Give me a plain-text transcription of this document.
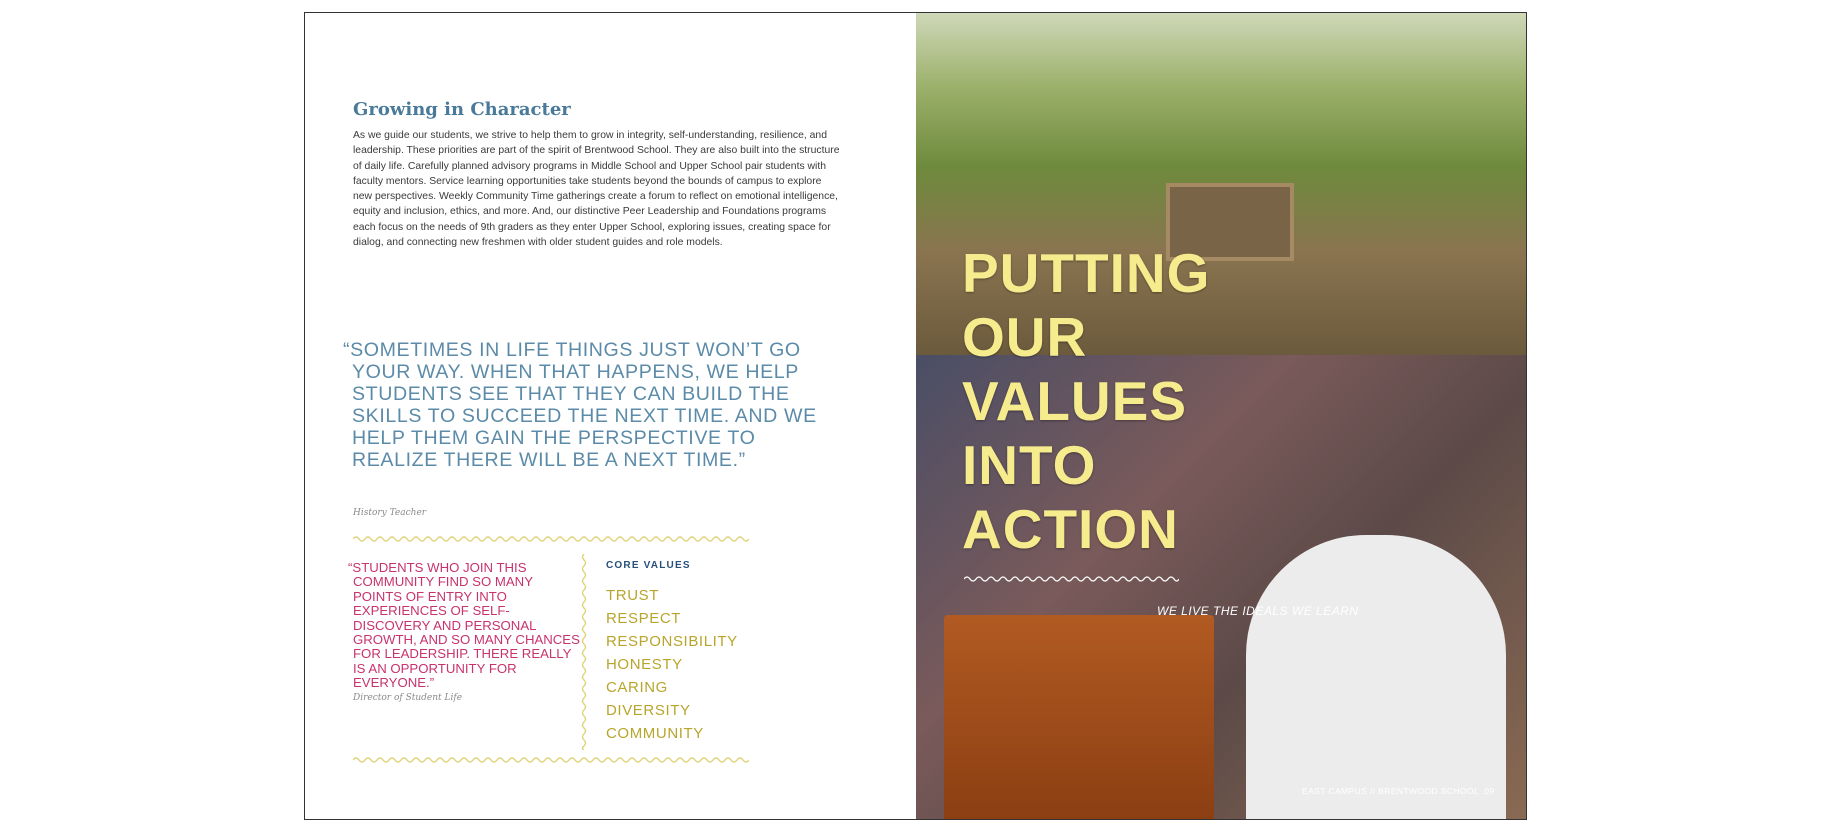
Growing in Character

As we guide our students, we strive to help them to grow in integrity, self-understanding, resilience, and leadership. These priorities are part of the spirit of Brentwood School. They are also built into the structure of daily life. Carefully planned advisory programs in Middle School and Upper School pair students with faculty mentors. Service learning opportunities take students beyond the bounds of campus to explore new perspectives. Weekly Community Time gatherings create a forum to reflect on emotional intelligence, equity and inclusion, ethics, and more. And, our distinctive Peer Leadership and Foundations programs each focus on the needs of 9th graders as they enter Upper School, exploring issues, creating space for dialog, and connecting new freshmen with older student guides and role models.

“SOMETIMES IN LIFE THINGS JUST WON’T GO YOUR WAY. WHEN THAT HAPPENS, WE HELP STUDENTS SEE THAT THEY CAN BUILD THE SKILLS TO SUCCEED THE NEXT TIME. AND WE HELP THEM GAIN THE PERSPECTIVE TO REALIZE THERE WILL BE A NEXT TIME.”

History Teacher

“STUDENTS WHO JOIN THIS COMMUNITY FIND SO MANY POINTS OF ENTRY INTO EXPERIENCES OF SELF-DISCOVERY AND PERSONAL GROWTH, AND SO MANY CHANCES FOR LEADERSHIP. THERE REALLY IS AN OPPORTUNITY FOR EVERYONE.”

Director of Student Life
CORE VALUES
TRUST
RESPECT
RESPONSIBILITY
HONESTY
CARING
DIVERSITY
COMMUNITY
PUTTING
OUR
VALUES
INTO
ACTION

WE LIVE THE IDEALS WE LEARN

EAST CAMPUS // BRENTWOOD SCHOOL .09
